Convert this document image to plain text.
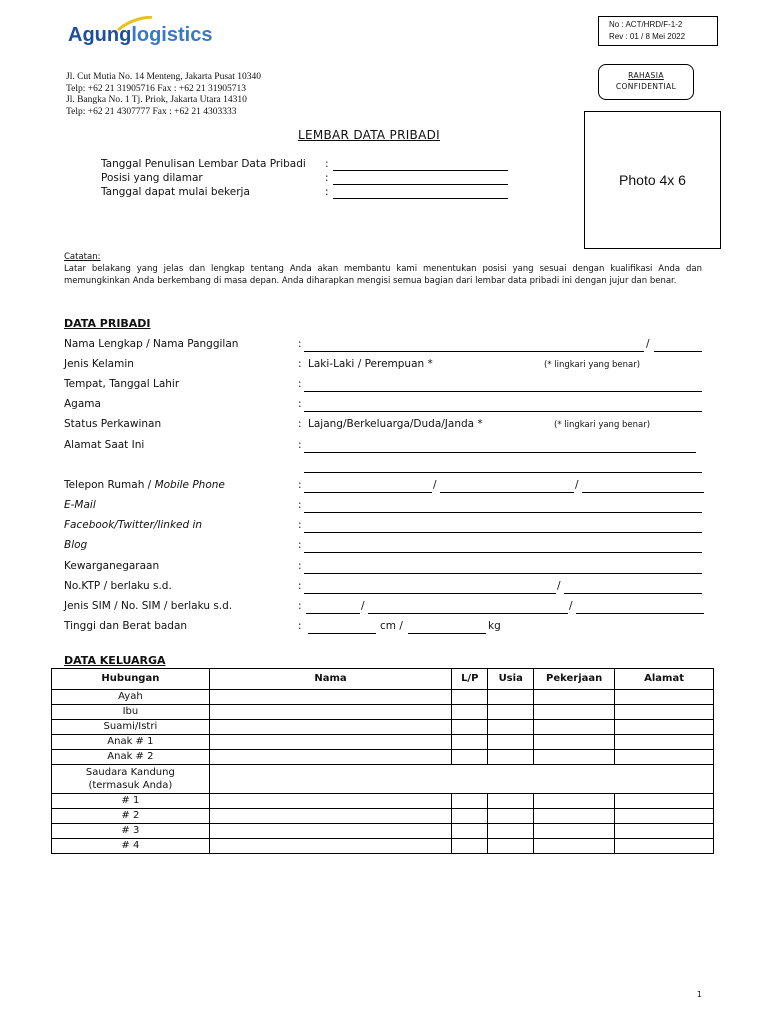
Agunglogistics	No : ACT/HRD/F-1-2
Rev : 01 / 8 Mei 2022
Jl. Cut Mutia No. 14 Menteng, Jakarta Pusat 10340
Telp: +62 21 31905716 Fax : +62 21 31905713
Jl. Bangka No. 1 Tj. Priok, Jakarta Utara 14310
Telp: +62 21 4307777 Fax : +62 21 4303333
RAHASIA
CONFIDENTIAL
Photo 4x 6
LEMBAR DATA PRIBADI
Tanggal Penulisan Lembar Data Pribadi :
Posisi yang dilamar	:
Tanggal dapat mulai bekerja	:
Catatan:
Latar belakang yang jelas dan lengkap tentang Anda akan membantu kami menentukan posisi yang sesuai dengan kualifikasi Anda dan memungkinkan Anda berkembang di masa depan. Anda diharapkan mengisi semua bagian dari lembar data pribadi ini dengan jujur dan benar.
DATA PRIBADI
Nama Lengkap / Nama Panggilan	:	/
Jenis Kelamin	: Laki-Laki / Perempuan *	(* lingkari yang benar)
Tempat, Tanggal Lahir	:
Agama	:
Status Perkawinan	: Lajang/Berkeluarga/Duda/Janda *	(* lingkari yang benar)
Alamat Saat Ini	:
Telepon Rumah / Mobile Phone	:	/	/
E-Mail	:
Facebook/Twitter/linked in	:
Blog	:
Kewarganegaraan	:
No.KTP / berlaku s.d.	:	/
Jenis SIM / No. SIM / berlaku s.d.	:	/	/
Tinggi dan Berat badan	:	cm /	kg
DATA KELUARGA
Hubungan	Nama	L/P	Usia	Pekerjaan	Alamat
Ayah					
Ibu					
Suami/Istri					
Anak # 1					
Anak # 2					

Saudara Kandung
(termasuk Anda)					

# 1					
# 2					
# 3					
# 4					
1
